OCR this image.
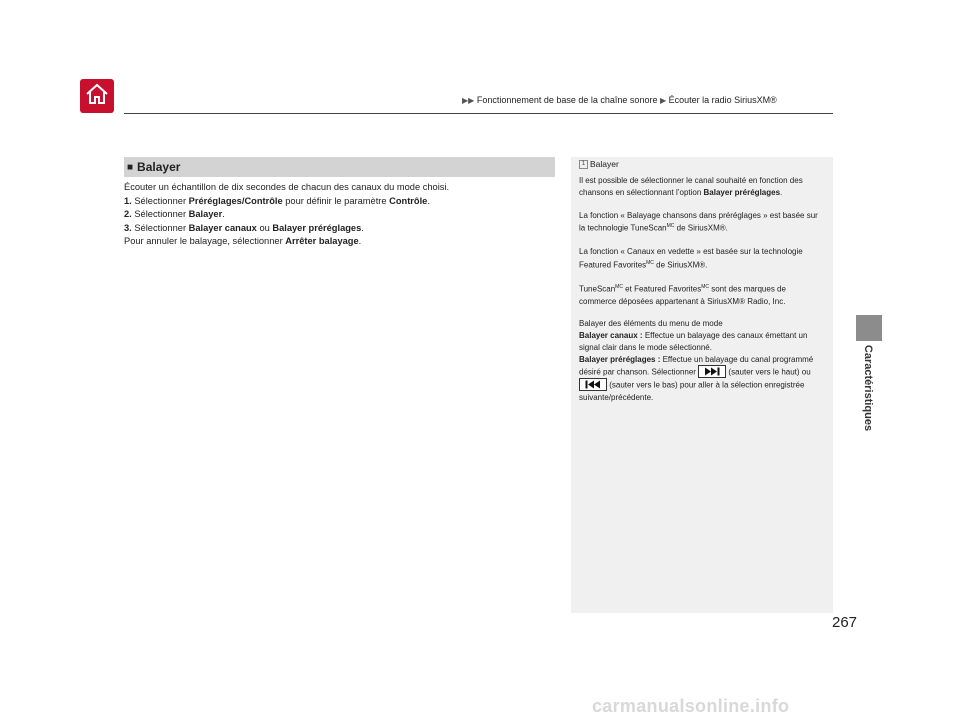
▶▶ Fonctionnement de base de la chaîne sonore ▶ Écouter la radio SiriusXM®
Caractéristiques
■ Balayer

Écouter un échantillon de dix secondes de chacun des canaux du mode choisi.

1. Sélectionner Préréglages/Contrôle pour définir le paramètre Contrôle.

2. Sélectionner Balayer.

3. Sélectionner Balayer canaux ou Balayer préréglages.

Pour annuler le balayage, sélectionner Arrêter balayage.

1 Balayer

Il est possible de sélectionner le canal souhaité en fonction des chansons en sélectionnant l’option Balayer préréglages.

La fonction « Balayage chansons dans préréglages » est basée sur la technologie TuneScan$^{MC}$ de SiriusXM®.

La fonction « Canaux en vedette » est basée sur la technologie Featured Favorites$^{MC}$ de SiriusXM®.

TuneScan$^{MC}$ et Featured Favorites$^{MC}$ sont des marques de commerce déposées appartenant à SiriusXM® Radio, Inc.

Balayer des éléments du menu de mode
Balayer canaux : Effectue un balayage des canaux émettant un signal clair dans le mode sélectionné.
Balayer préréglages : Effectue un balayage du canal programmé désiré par chanson. Sélectionner	(sauter vers le haut) ou  (sauter vers le bas) pour aller à la sélection enregistrée suivante/précédente.

267
carmanualsonline.info
